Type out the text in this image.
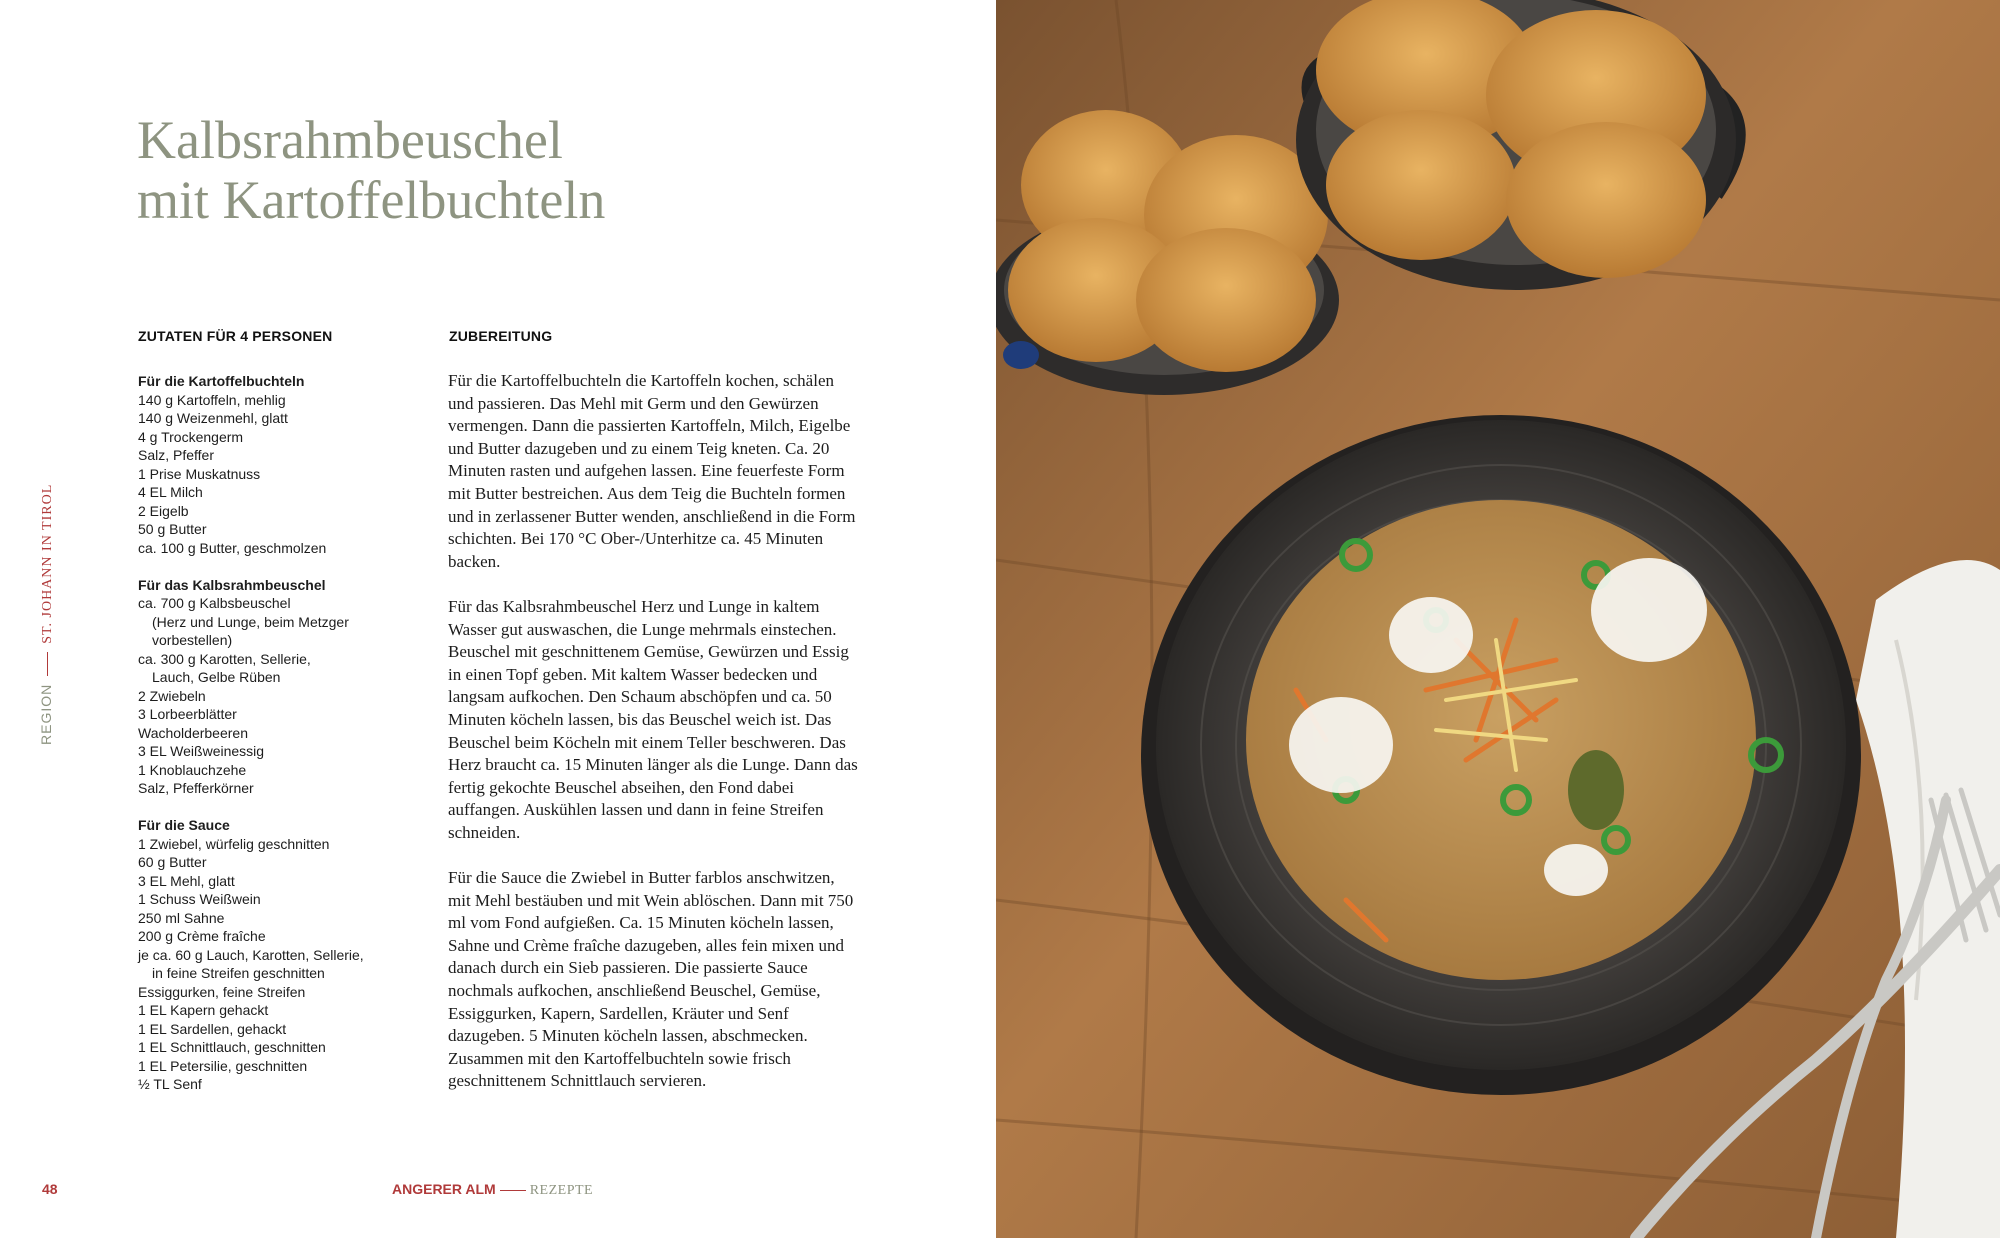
Kalbsrahmbeuschel
mit Kartoffelbuchteln
REGIONST. JOHANN IN TIROL
ZUTATEN FÜR 4 PERSONEN	ZUBEREITUNG
Für die Kartoffelbuchteln
140 g Kartoffeln, mehlig
140 g Weizenmehl, glatt
4 g Trockengerm
Salz, Pfeffer
1 Prise Muskatnuss
4 EL Milch
2 Eigelb
50 g Butter
ca. 100 g Butter, geschmolzen
Für das Kalbsrahmbeuschel
ca. 700 g Kalbsbeuschel
(Herz und Lunge, beim Metzger
vorbestellen)
ca. 300 g Karotten, Sellerie,
Lauch, Gelbe Rüben
2 Zwiebeln
3 Lorbeerblätter
Wacholderbeeren
3 EL Weißweinessig
1 Knoblauchzehe
Salz, Pfefferkörner
Für die Sauce
1 Zwiebel, würfelig geschnitten
60 g Butter
3 EL Mehl, glatt
1 Schuss Weißwein
250 ml Sahne
200 g Crème fraîche
je ca. 60 g Lauch, Karotten, Sellerie,
in feine Streifen geschnitten
Essiggurken, feine Streifen
1 EL Kapern gehackt
1 EL Sardellen, gehackt
1 EL Schnittlauch, geschnitten
1 EL Petersilie, geschnitten
½ TL Senf

Für die Kartoffelbuchteln die Kartoffeln kochen, schälen und passieren. Das Mehl mit Germ und den Gewürzen vermengen. Dann die passierten Kartoffeln, Milch, Eigelbe und Butter dazugeben und zu einem Teig kneten. Ca. 20 Minuten rasten und aufgehen lassen. Eine feuerfeste Form mit Butter bestreichen. Aus dem Teig die Buchteln formen und in zerlassener Butter wenden, anschließend in die Form schichten. Bei 170 °C Ober-/Unterhitze ca. 45 Minuten backen.

Für das Kalbsrahmbeuschel Herz und Lunge in kaltem Wasser gut auswaschen, die Lunge mehrmals einstechen. Beuschel mit geschnittenem Gemüse, Gewürzen und Essig in einen Topf geben. Mit kaltem Wasser bedecken und langsam aufkochen. Den Schaum abschöpfen und ca. 50 Minuten köcheln lassen, bis das Beuschel weich ist. Das Beuschel beim Köcheln mit einem Teller beschweren. Das Herz braucht ca. 15 Minuten länger als die Lunge. Dann das fertig gekochte Beuschel abseihen, den Fond dabei auffangen. Auskühlen lassen und dann in feine Streifen schneiden.

Für die Sauce die Zwiebel in Butter farblos anschwitzen, mit Mehl bestäuben und mit Wein ablöschen. Dann mit 750 ml vom Fond aufgießen. Ca. 15 Minuten köcheln lassen, Sahne und Crème fraîche dazugeben, alles fein mixen und danach durch ein Sieb passieren. Die passierte Sauce nochmals aufkochen, anschließend Beuschel, Gemüse, Essiggurken, Kapern, Sardellen, Kräuter und Senf dazugeben. 5 Minuten köcheln lassen, abschmecken. Zusammen mit den Kartoffelbuchteln sowie frisch geschnittenem Schnittlauch servieren.

48	ANGERER ALM REZEPTE
